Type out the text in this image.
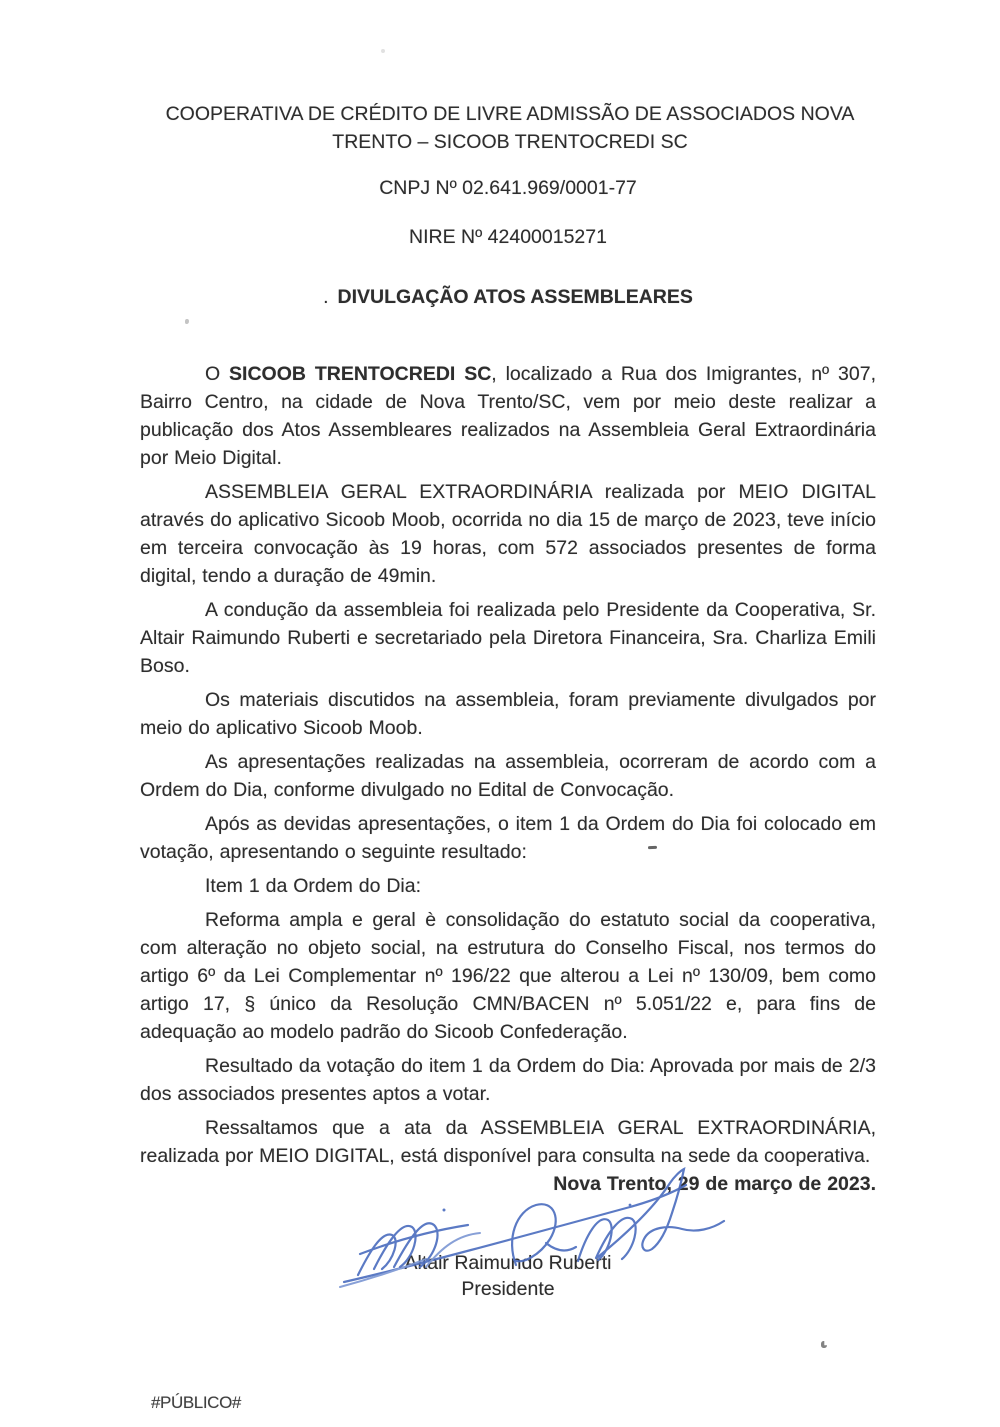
COOPERATIVA DE CRÉDITO DE LIVRE ADMISSÃO DE ASSOCIADOS NOVA
TRENTO – SICOOB TRENTOCREDI SC
CNPJ Nº 02.641.969/0001-77
NIRE Nº 42400015271
. DIVULGAÇÃO ATOS ASSEMBLEARES

O SICOOB TRENTOCREDI SC, localizado a Rua dos Imigrantes, nº 307, Bairro Centro, na cidade de Nova Trento/SC, vem por meio deste realizar a publicação dos Atos Assembleares realizados na Assembleia Geral Extraordinária por Meio Digital.

ASSEMBLEIA GERAL EXTRAORDINÁRIA realizada por MEIO DIGITAL através do aplicativo Sicoob Moob, ocorrida no dia 15 de março de 2023, teve início em terceira convocação às 19 horas, com 572 associados presentes de forma digital, tendo a duração de 49min.

A condução da assembleia foi realizada pelo Presidente da Cooperativa, Sr. Altair Raimundo Ruberti e secretariado pela Diretora Financeira, Sra. Charliza Emili Boso.

Os materiais discutidos na assembleia, foram previamente divulgados por meio do aplicativo Sicoob Moob.

As apresentações realizadas na assembleia, ocorreram de acordo com a Ordem do Dia, conforme divulgado no Edital de Convocação.

Após as devidas apresentações, o item 1 da Ordem do Dia foi colocado em votação, apresentando o seguinte resultado:

Item 1 da Ordem do Dia:

Reforma ampla e geral è consolidação do estatuto social da cooperativa, com alteração no objeto social, na estrutura do Conselho Fiscal, nos termos do artigo 6º da Lei Complementar nº 196/22 que alterou a Lei nº 130/09, bem como artigo 17, § único da Resolução CMN/BACEN nº 5.051/22 e, para fins de adequação ao modelo padrão do Sicoob Confederação.

Resultado da votação do item 1 da Ordem do Dia: Aprovada por mais de 2/3 dos associados presentes aptos a votar.

Ressaltamos que a ata da ASSEMBLEIA GERAL EXTRAORDINÁRIA, realizada por MEIO DIGITAL, está disponível para consulta na sede da cooperativa.

Nova Trento, 29 de março de 2023.

Altair Raimundo Ruberti
Presidente
#PÚBLICO#
